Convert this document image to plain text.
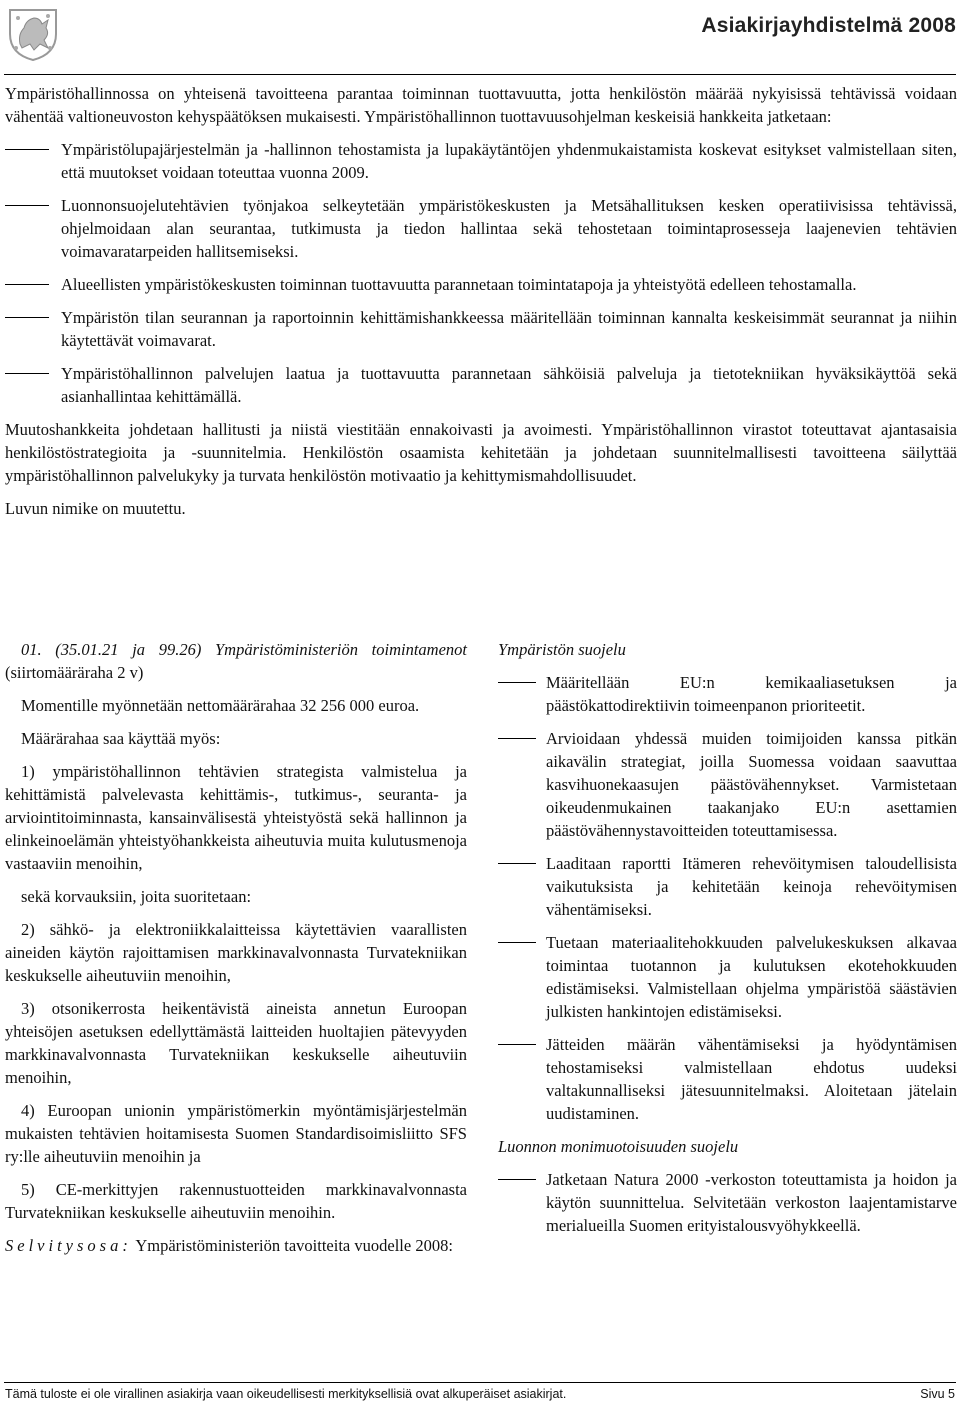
Asiakirjayhdistelmä 2008

Ympäristöhallinnossa on yhteisenä tavoitteena parantaa toiminnan tuottavuutta, jotta henkilöstön määrää nykyisissä tehtävissä voidaan vähentää valtioneuvoston kehyspäätöksen mukaisesti. Ympäristöhallinnon tuottavuusohjelman keskeisiä hankkeita jatketaan:

Ympäristölupajärjestelmän ja -hallinnon tehostamista ja lupakäytäntöjen yhdenmukaistamista koskevat esitykset valmistellaan siten, että muutokset voidaan toteuttaa vuonna 2009.
Luonnonsuojelutehtävien työnjakoa selkeytetään ympäristökeskusten ja Metsähallituksen kesken operatiivisissa tehtävissä, ohjelmoidaan alan seurantaa, tutkimusta ja tiedon hallintaa sekä tehostetaan toimintaprosesseja laajenevien tehtävien voimavaratarpeiden hallitsemiseksi.
Alueellisten ympäristökeskusten toiminnan tuottavuutta parannetaan toimintatapoja ja yhteistyötä edelleen tehostamalla.
Ympäristön tilan seurannan ja raportoinnin kehittämishankkeessa määritellään toiminnan kannalta keskeisimmät seurannat ja niihin käytettävät voimavarat.
Ympäristöhallinnon palvelujen laatua ja tuottavuutta parannetaan sähköisiä palveluja ja tietotekniikan hyväksikäyttöä sekä asianhallintaa kehittämällä.

Muutoshankkeita johdetaan hallitusti ja niistä viestitään ennakoivasti ja avoimesti. Ympäristöhallinnon virastot toteuttavat ajantasaisia henkilöstöstrategioita ja -suunnitelmia. Henkilöstön osaamista kehitetään ja johdetaan suunnitelmallisesti tavoitteena säilyttää ympäristöhallinnon palvelukyky ja turvata henkilöstön motivaatio ja kehittymismahdollisuudet.

Luvun nimike on muutettu.

01. (35.01.21 ja 99.26) Ympäristöministeriön toimintamenot (siirtomääräraha 2 v)

Momentille myönnetään nettomäärärahaa 32 256 000 euroa.

Määrärahaa saa käyttää myös:

1) ympäristöhallinnon tehtävien strategista valmistelua ja kehittämistä palvelevasta kehittämis-, tutkimus-, seuranta- ja arviointitoiminnasta, kansainvälisestä yhteistyöstä sekä hallinnon ja elinkeinoelämän yhteistyöhankkeista aiheutuvia muita kulutusmenoja vastaaviin menoihin,

sekä korvauksiin, joita suoritetaan:

2) sähkö- ja elektroniikkalaitteissa käytettävien vaarallisten aineiden käytön rajoittamisen markkinavalvonnasta Turvatekniikan keskukselle aiheutuviin menoihin,

3) otsonikerrosta heikentävistä aineista annetun Euroopan yhteisöjen asetuksen edellyttämästä laitteiden huoltajien pätevyyden markkinavalvonnasta Turvatekniikan keskukselle aiheutuviin menoihin,

4) Euroopan unionin ympäristömerkin myöntämisjärjestelmän mukaisten tehtävien hoitamisesta Suomen Standardisoimisliitto SFS ry:lle aiheutuviin menoihin ja

5) CE-merkittyjen rakennustuotteiden markkinavalvonnasta Turvatekniikan keskukselle aiheutuviin menoihin.

Selvitysosa: Ympäristöministeriön tavoitteita vuodelle 2008:

Ympäristön suojelu
Määritellään EU:n kemikaaliasetuksen ja päästökattodirektiivin toimeenpanon prioriteetit.
Arvioidaan yhdessä muiden toimijoiden kanssa pitkän aikavälin strategiat, joilla Suomessa voidaan saavuttaa kasvihuonekaasujen päästövähennykset. Varmistetaan oikeudenmukainen taakanjako EU:n asettamien päästövähennystavoitteiden toteuttamisessa.
Laaditaan raportti Itämeren rehevöitymisen taloudellisista vaikutuksista ja kehitetään keinoja rehevöitymisen vähentämiseksi.
Tuetaan materiaalitehokkuuden palvelukeskuksen alkavaa toimintaa tuotannon ja kulutuksen ekotehokkuuden edistämiseksi. Valmistellaan ohjelma ympäristöä säästävien julkisten hankintojen edistämiseksi.
Jätteiden määrän vähentämiseksi ja hyödyntämisen tehostamiseksi valmistellaan ehdotus uudeksi valtakunnalliseksi jätesuunnitelmaksi. Aloitetaan jätelain uudistaminen.
Luonnon monimuotoisuuden suojelu
Jatketaan Natura 2000 -verkoston toteuttamista ja hoidon ja käytön suunnittelua. Selvitetään verkoston laajentamistarve merialueilla Suomen erityistalousvyöhykkeellä.
Tämä tuloste ei ole virallinen asiakirja vaan oikeudellisesti merkityksellisiä ovat alkuperäiset asiakirjat.	Sivu 5
